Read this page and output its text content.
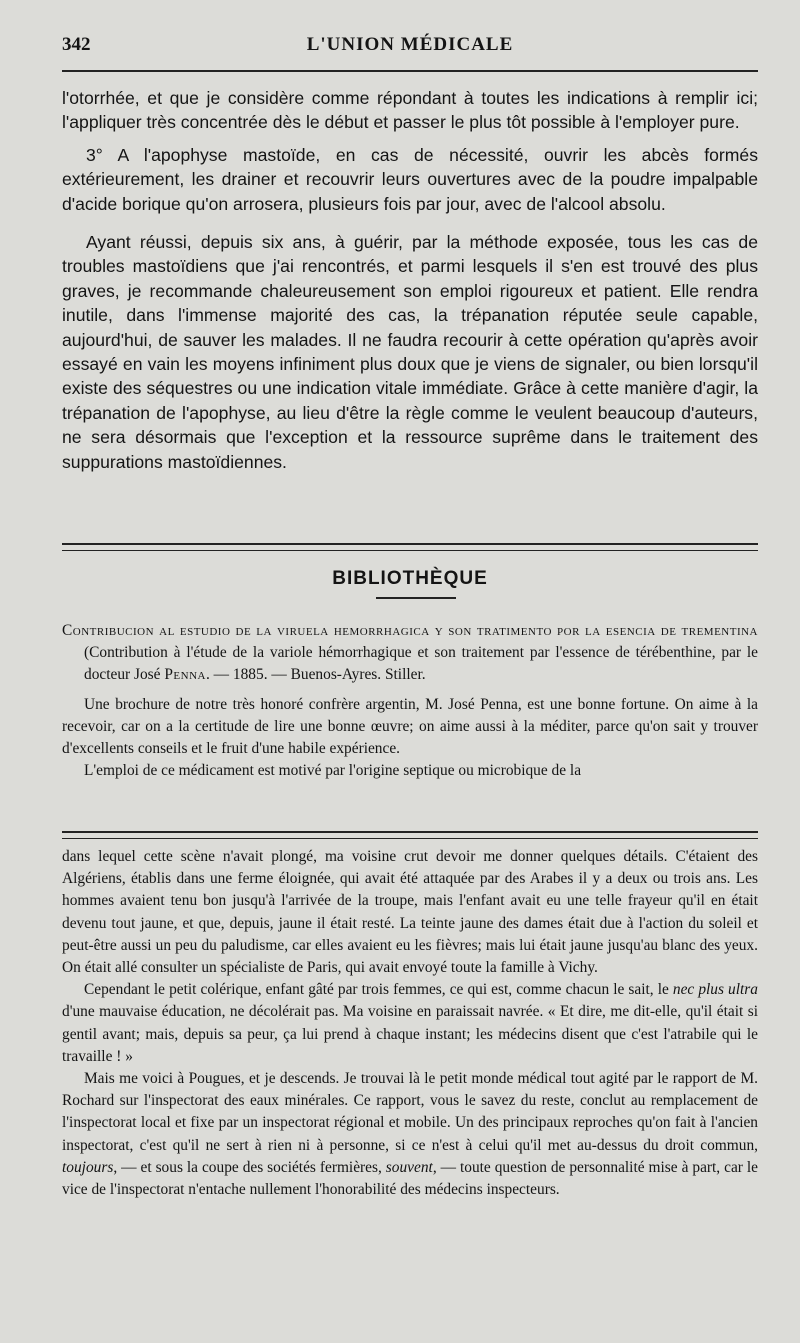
342	L'UNION MÉDICALE

l'otorrhée, et que je considère comme répondant à toutes les indications à remplir ici; l'appliquer très concentrée dès le début et passer le plus tôt possible à l'employer pure.

3° A l'apophyse mastoïde, en cas de nécessité, ouvrir les abcès formés extérieurement, les drainer et recouvrir leurs ouvertures avec de la poudre impalpable d'acide borique qu'on arrosera, plusieurs fois par jour, avec de l'alcool absolu.

Ayant réussi, depuis six ans, à guérir, par la méthode exposée, tous les cas de troubles mastoïdiens que j'ai rencontrés, et parmi lesquels il s'en est trouvé des plus graves, je recommande chaleureusement son emploi rigoureux et patient. Elle rendra inutile, dans l'immense majorité des cas, la trépanation réputée seule capable, aujourd'hui, de sauver les malades. Il ne faudra recourir à cette opération qu'après avoir essayé en vain les moyens infiniment plus doux que je viens de signaler, ou bien lorsqu'il existe des séquestres ou une indication vitale immédiate. Grâce à cette manière d'agir, la trépanation de l'apophyse, au lieu d'être la règle comme le veulent beaucoup d'auteurs, ne sera désormais que l'exception et la ressource suprême dans le traitement des suppurations mastoïdiennes.

BIBLIOTHÈQUE

Contribucion al estudio de la viruela hemorrhagica y son tratimento por la esencia de trementina (Contribution à l'étude de la variole hémorrhagique et son traitement par l'essence de térébenthine, par le docteur José Penna. — 1885. — Buenos-Ayres. Stiller.

Une brochure de notre très honoré confrère argentin, M. José Penna, est une bonne fortune. On aime à la recevoir, car on a la certitude de lire une bonne œuvre; on aime aussi à la méditer, parce qu'on sait y trouver d'excellents conseils et le fruit d'une habile expérience.

L'emploi de ce médicament est motivé par l'origine septique ou microbique de la

dans lequel cette scène n'avait plongé, ma voisine crut devoir me donner quelques détails. C'étaient des Algériens, établis dans une ferme éloignée, qui avait été attaquée par des Arabes il y a deux ou trois ans. Les hommes avaient tenu bon jusqu'à l'arrivée de la troupe, mais l'enfant avait eu une telle frayeur qu'il en était devenu tout jaune, et que, depuis, jaune il était resté. La teinte jaune des dames était due à l'action du soleil et peut-être aussi un peu du paludisme, car elles avaient eu les fièvres; mais lui était jaune jusqu'au blanc des yeux. On était allé consulter un spécialiste de Paris, qui avait envoyé toute la famille à Vichy.

Cependant le petit colérique, enfant gâté par trois femmes, ce qui est, comme chacun le sait, le nec plus ultra d'une mauvaise éducation, ne décolérait pas. Ma voisine en paraissait navrée. « Et dire, me dit-elle, qu'il était si gentil avant; mais, depuis sa peur, ça lui prend à chaque instant; les médecins disent que c'est l'atrabile qui le travaille ! »

Mais me voici à Pougues, et je descends. Je trouvai là le petit monde médical tout agité par le rapport de M. Rochard sur l'inspectorat des eaux minérales. Ce rapport, vous le savez du reste, conclut au remplacement de l'inspectorat local et fixe par un inspectorat régional et mobile. Un des principaux reproches qu'on fait à l'ancien inspectorat, c'est qu'il ne sert à rien ni à personne, si ce n'est à celui qu'il met au-dessus du droit commun, toujours, — et sous la coupe des sociétés fermières, souvent, — toute question de personnalité mise à part, car le vice de l'inspectorat n'entache nullement l'honorabilité des médecins inspecteurs.
